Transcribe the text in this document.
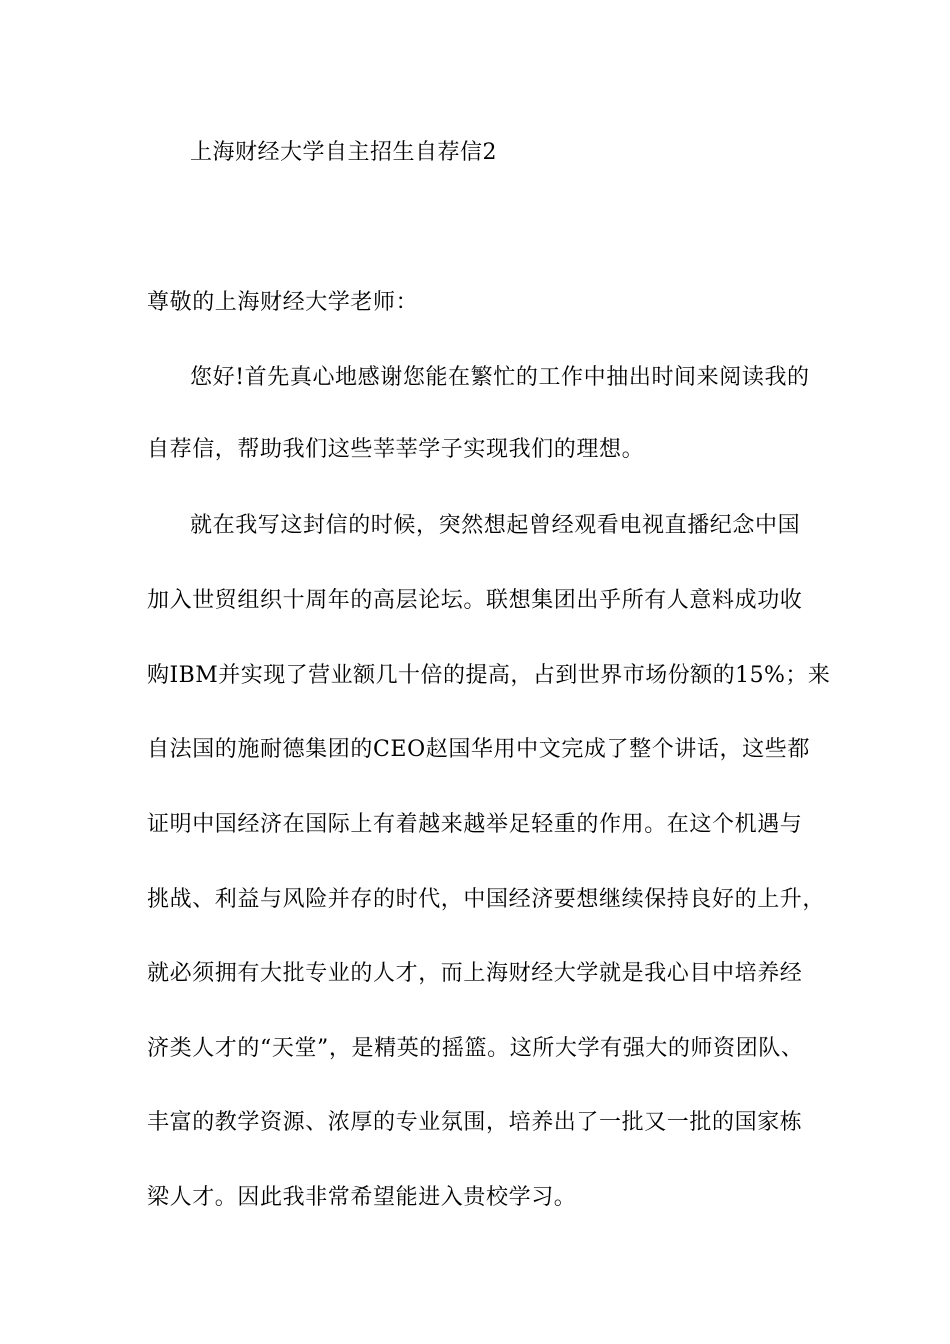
上海财经大学自主招生自荐信2
尊敬的上海财经大学老师：
您好!首先真心地感谢您能在繁忙的工作中抽出时间来阅读我的
自荐信，帮助我们这些莘莘学子实现我们的理想。
就在我写这封信的时候，突然想起曾经观看电视直播纪念中国
加入世贸组织十周年的高层论坛。联想集团出乎所有人意料成功收
购IBM并实现了营业额几十倍的提高，占到世界市场份额的15%；来
自法国的施耐德集团的CEO赵国华用中文完成了整个讲话，这些都
证明中国经济在国际上有着越来越举足轻重的作用。在这个机遇与
挑战、利益与风险并存的时代，中国经济要想继续保持良好的上升，
就必须拥有大批专业的人才，而上海财经大学就是我心目中培养经
济类人才的“天堂”，是精英的摇篮。这所大学有强大的师资团队、
丰富的教学资源、浓厚的专业氛围，培养出了一批又一批的国家栋
梁人才。因此我非常希望能进入贵校学习。
